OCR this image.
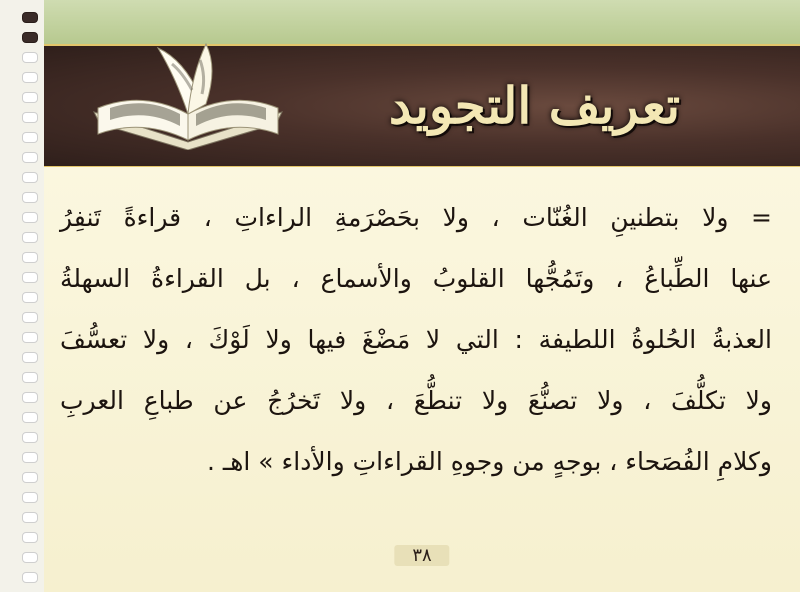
تعريف التجويد
= ولا بتطنينِ الغُنّات ، ولا بحَصْرَمةِ الراءاتِ ، قراءةً تَنفِرُ
عنها الطِّباعُ ، وتَمُجُّها القلوبُ والأسماع ، بل القراءةُ السهلةُ
العذبةُ الحُلوةُ اللطيفة : التي لا مَضْغَ فيها ولا لَوْكَ ، ولا تعسُّفَ
ولا تكلُّفَ ، ولا تصنُّعَ ولا تنطُّعَ ، ولا تَخرُجُ عن طباعِ العربِ
وكلامِ الفُصَحاء ، بوجهٍ من وجوهِ القراءاتِ والأداء » اهـ .
٣٨
